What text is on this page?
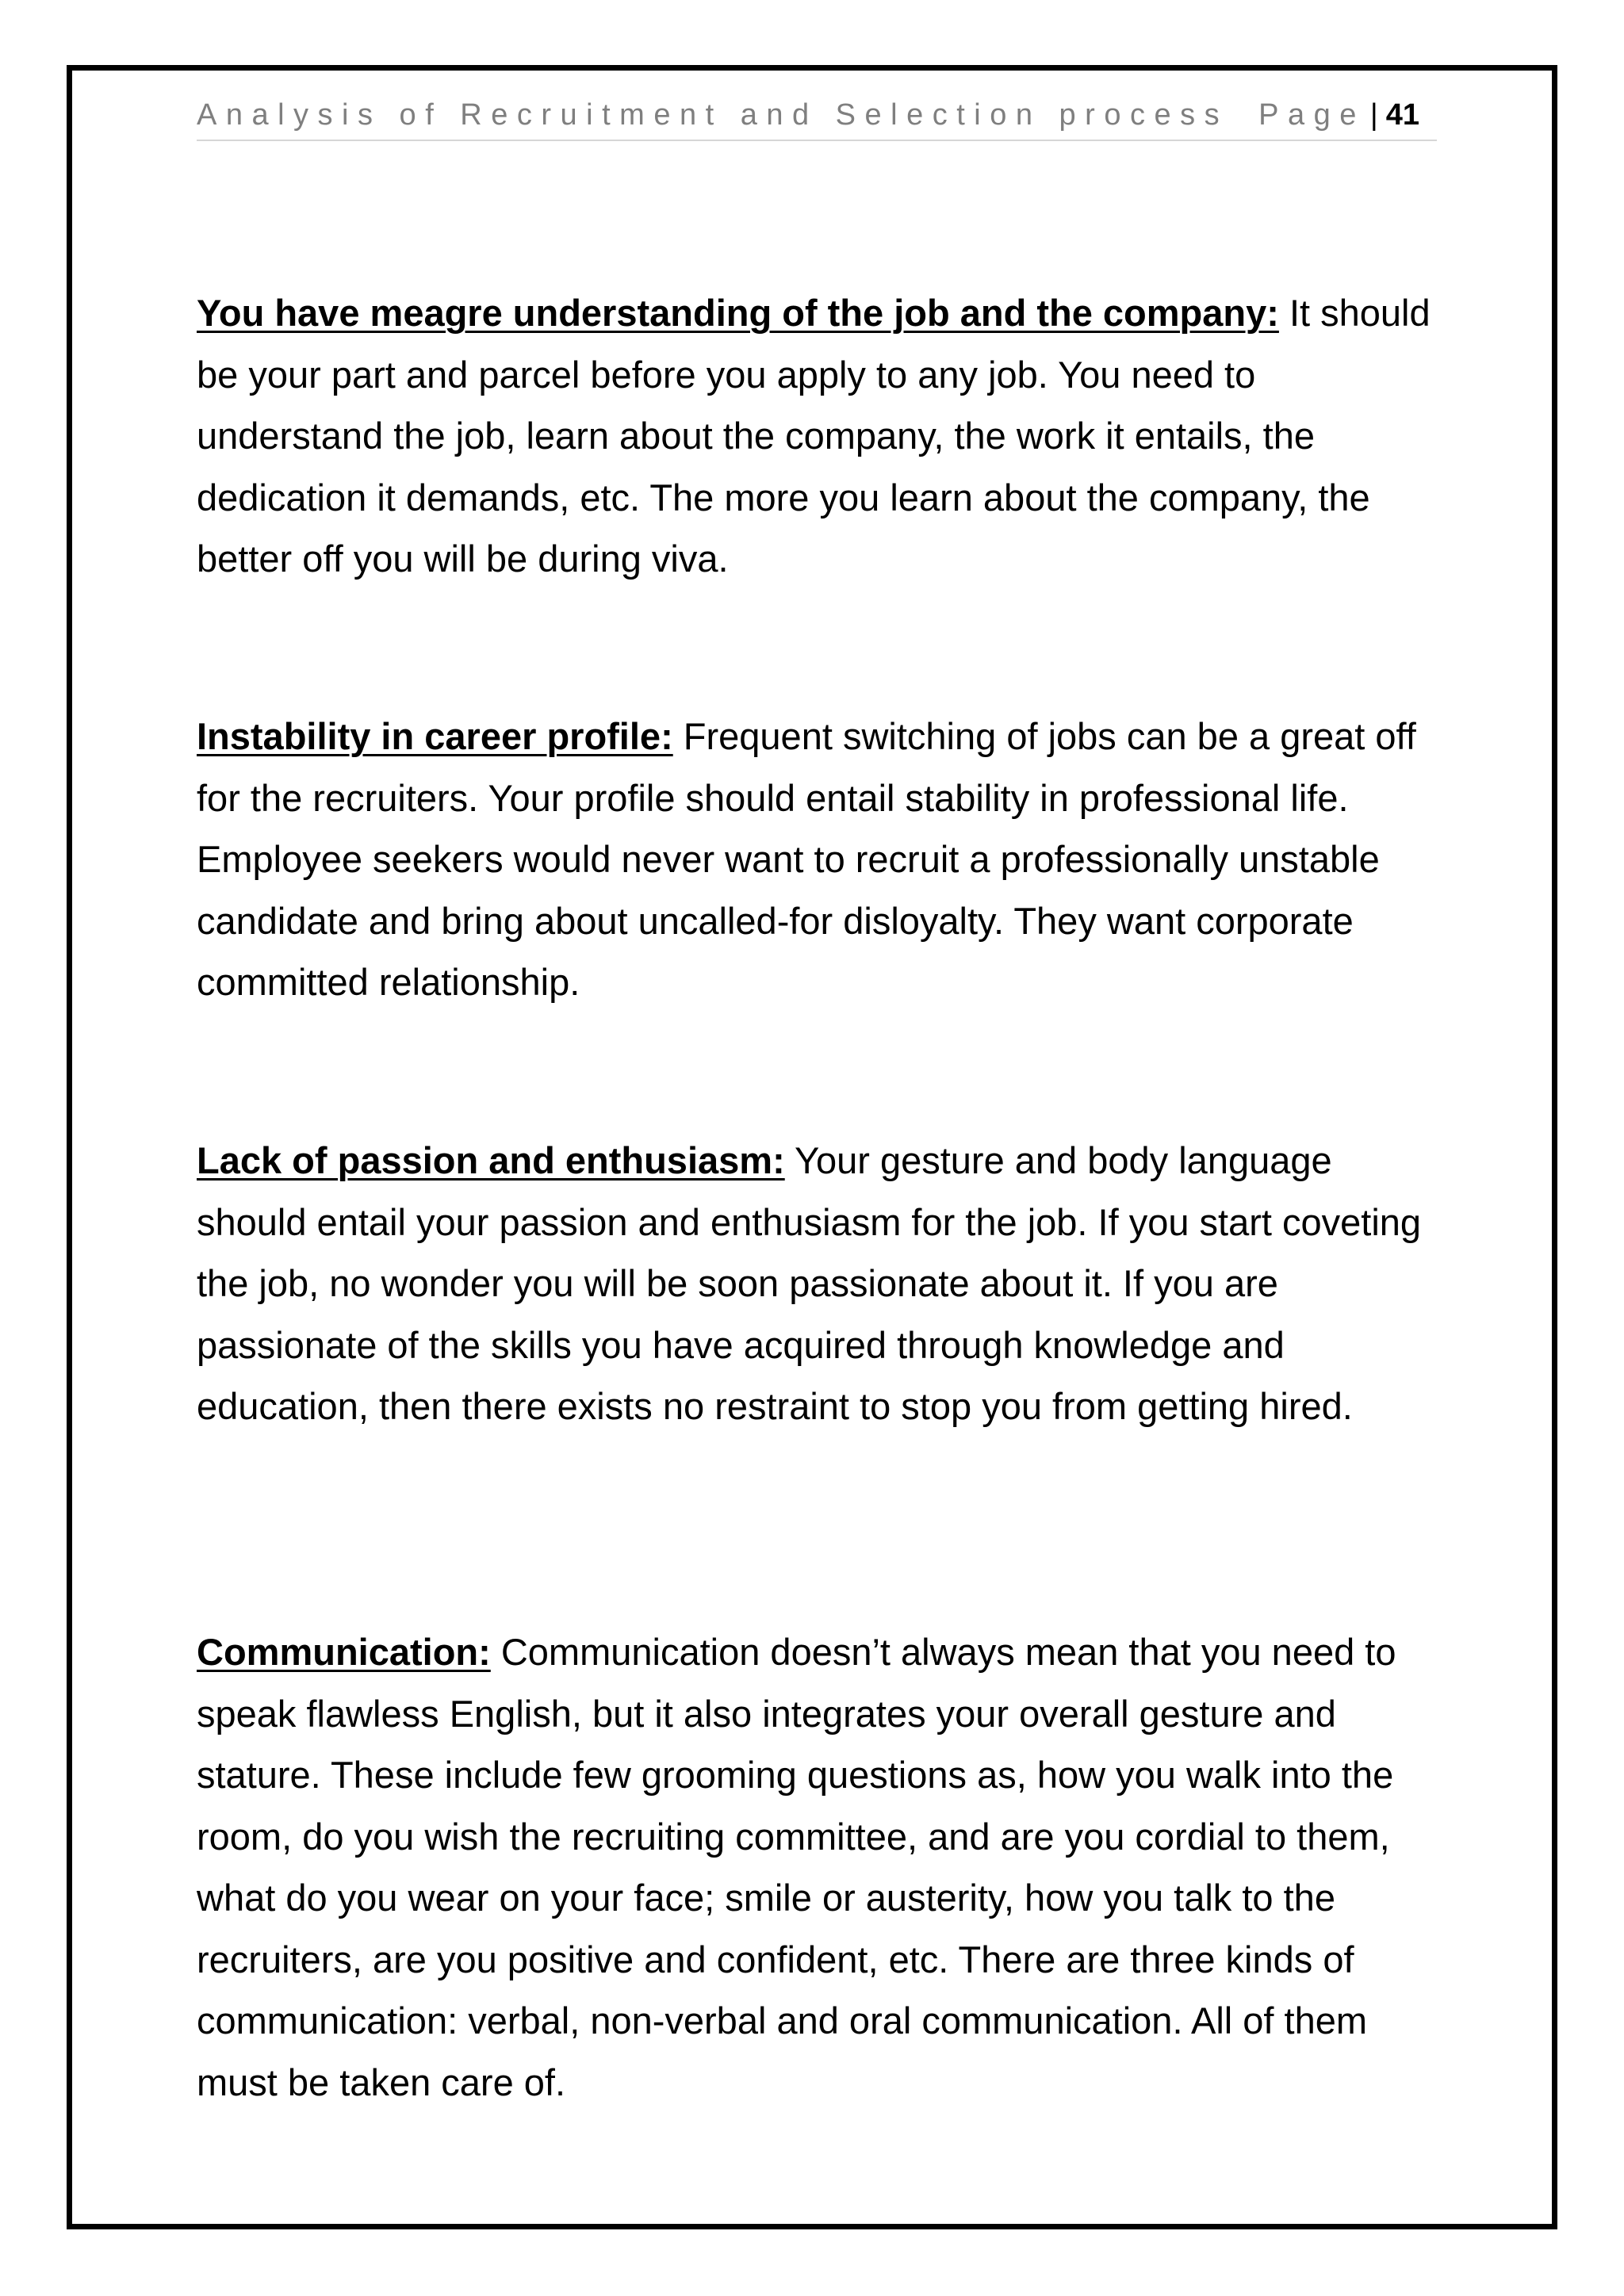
Analysis of Recruitment and Selection process Page | 41

You have meagre understanding of the job and the company: It should be your part and parcel before you apply to any job. You need to understand the job, learn about the company, the work it entails, the dedication it demands, etc. The more you learn about the company, the better off you will be during viva.

Instability in career profile: Frequent switching of jobs can be a great off for the recruiters. Your profile should entail stability in professional life. Employee seekers would never want to recruit a professionally unstable candidate and bring about uncalled-for disloyalty. They want corporate committed relationship.

Lack of passion and enthusiasm: Your gesture and body language should entail your passion and enthusiasm for the job. If you start coveting the job, no wonder you will be soon passionate about it. If you are passionate of the skills you have acquired through knowledge and education, then there exists no restraint to stop you from getting hired.

Communication: Communication doesn’t always mean that you need to speak flawless English, but it also integrates your overall gesture and stature. These include few grooming questions as, how you walk into the room, do you wish the recruiting committee, and are you cordial to them, what do you wear on your face; smile or austerity, how you talk to the recruiters, are you positive and confident, etc. There are three kinds of communication: verbal, non-verbal and oral communication. All of them must be taken care of.
